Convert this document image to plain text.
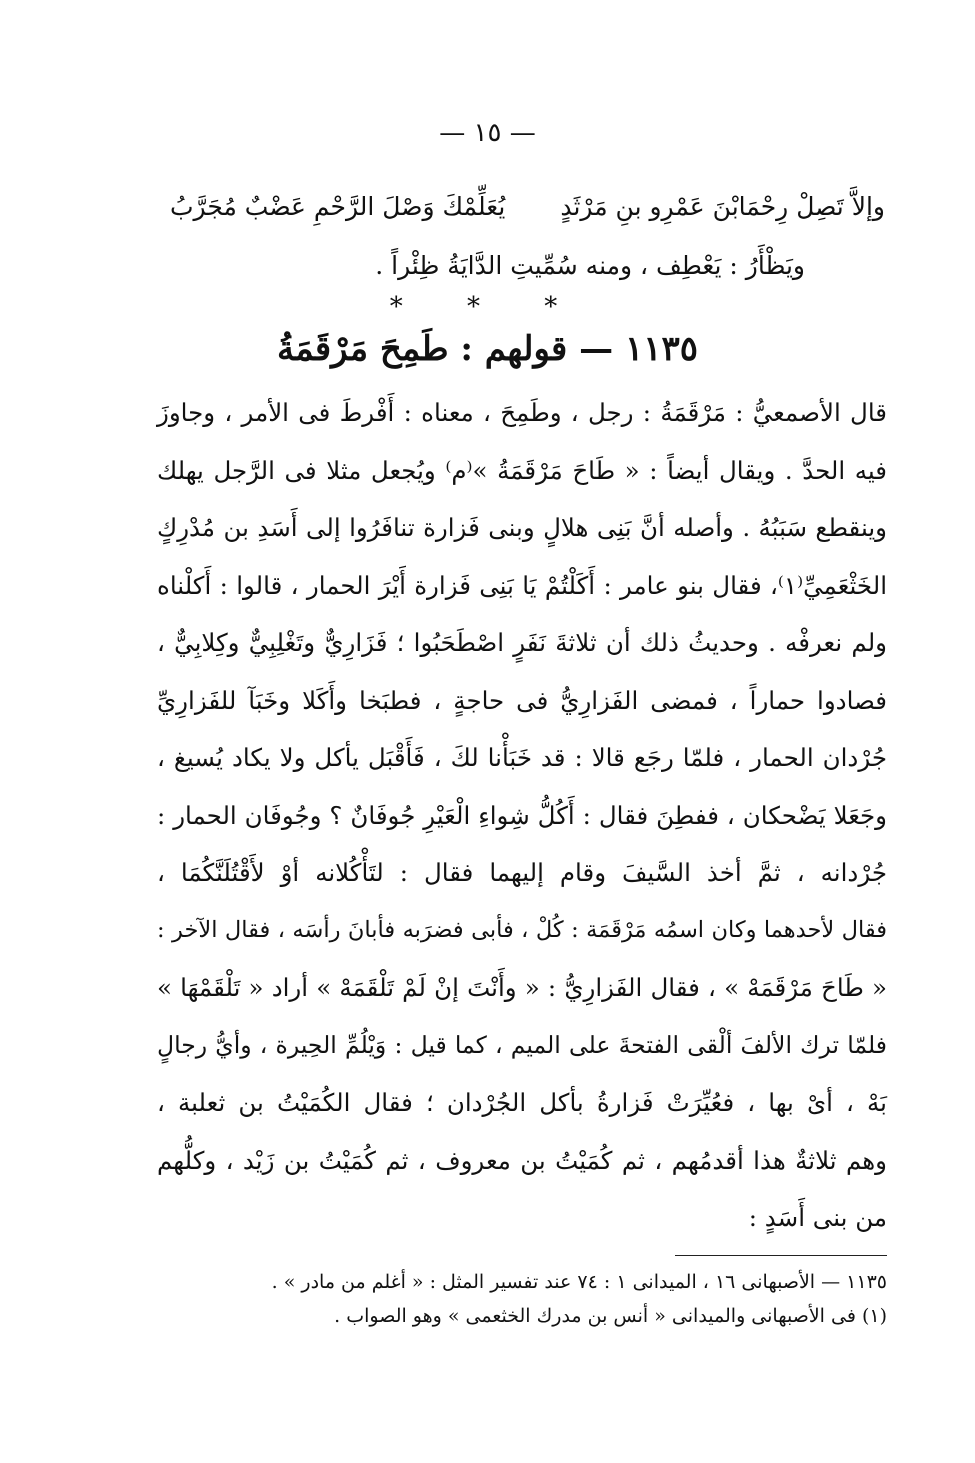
— ١٥ —
وإلاَّ تَصِلْ رِحْمَابْنَ عَمْرِو بنِ مَرْثَدٍ
يُعَلِّمْكَ وَصْلَ الرَّحْمِ عَضْبٌ مُجَرَّبُ
ويَظْأَرُ : يَعْطِف ، ومنه سُمِّيتِ الدَّايَةُ ظِئْراً .
* * *
١١٣٥ — قولهم : طَمِحَ مَرْقَمَةُ
قال الأصمعيُّ : مَرْقَمَةُ : رجل ، وطَمِحَ ، معناه : أَفْرطَ فى الأمر ، وجاوزَ
فيه الحدَّ . ويقال أيضاً : « طَاحَ مَرْقَمَةُ »⁽م⁾ ويُجعل مثلا فى الرَّجل يهلك
وينقطع سَبَبُهُ . وأصله أنَّ بَنِى هلالٍ وبنى فَزارة تنافَرُوا إلى أَسَدِ بن مُدْرِكٍ
الخَثْعَمِيِّ⁽١⁾، فقال بنو عامر : أَكَلْتُمْ يَا بَنِى فَزارة أَيْرَ الحمار ، قالوا : أَكلْناه
ولم نعرفْه . وحديثُ ذلك أن ثلاثةَ نَفَرٍ اصْطَحَبُوا ؛ فَزَارِيٌّ وتَغْلِبِيٌّ وكِلابِيٌّ ،
فصادوا حماراً ، فمضى الفَزارِيُّ فى حاجةٍ ، فطبَخا وأَكَلا وخَبَآ للفَزارِيِّ
جُرْدان الحمار ، فلمّا رجَع قالا : قد خَبَأْنا لكَ ، فَأَقْبَل يأكل ولا يكاد يُسيغ ،
وجَعَلا يَضْحكان ، ففطِنَ فقال : أَكُلُّ شِواءِ الْعَيْرِ جُوفَانٌ ؟ وجُوفَان الحمار :
جُرْدانه ، ثمَّ أخذ السَّيفَ وقام إليهما فقال : لتَأْكُلانه أوْ لأَقْتُلَنَّكُمَا ،
فقال لأحدهما وكان اسمُه مَرْقَمَة : كُلْ ، فأبى فضرَبه فأبانَ رأسَه ، فقال الآخر :
« طَاحَ مَرْقَمَهْ » ، فقال الفَزارِيُّ : « وأَنْتَ إنْ لَمْ تَلْقَمَهْ » أراد « تَلْقَمْهَا »
فلمّا ترك الألفَ ألْقى الفتحةَ على الميم ، كما قيل : وَيْلُمِّ الحِيرة ، وأيُّ رجالٍ
بَهْ ، أىْ بها ، فعُيِّرَتْ فَزارةُ بأكل الجُرْدان ؛ فقال الكُمَيْتُ بن ثعلبة ،
وهم ثلاثةٌ هذا أقدمُهم ، ثم كُمَيْتُ بن معروف ، ثم كُمَيْتُ بن زَيْد ، وكلُّهم
من بنى أَسَدٍ :
١١٣٥ — الأصبهانى ١٦ ، الميدانى ١ : ٧٤ عند تفسير المثل : « أغلم من مادر » .
(١) فى الأصبهانى والميدانى « أنس بن مدرك الخثعمى » وهو الصواب .
